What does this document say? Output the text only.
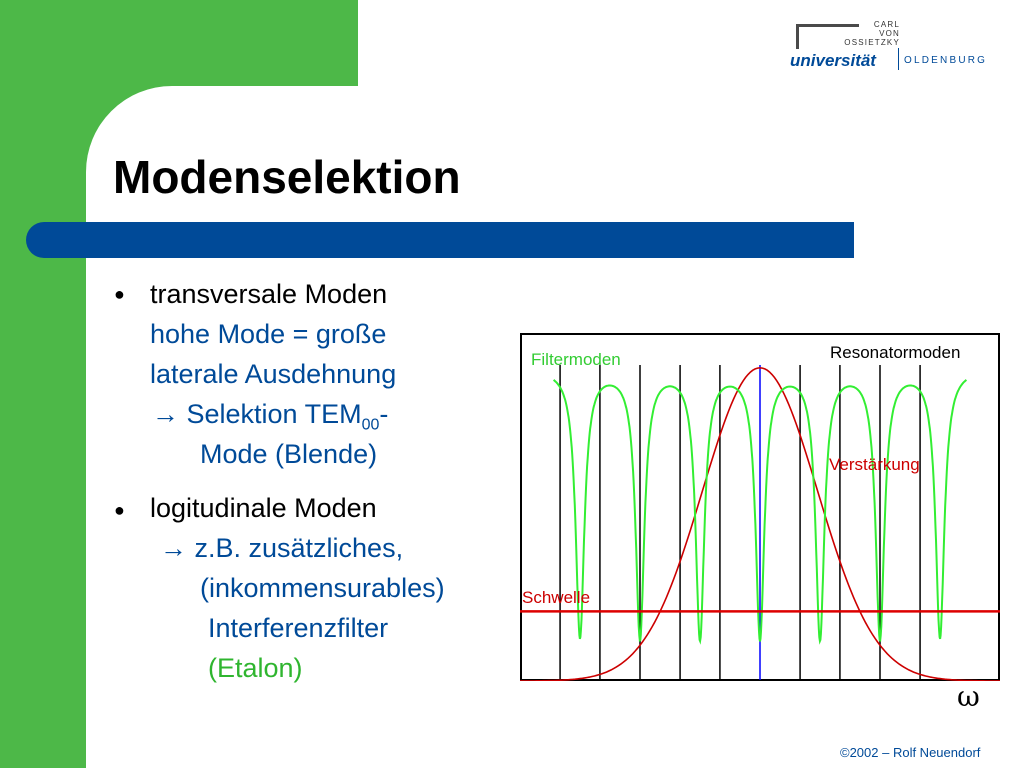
CARL
VON
OSSIETZKY
universität	OLDENBURG
Modenselektion
● transversale Moden
hohe Mode = große
laterale Ausdehnung
→ Selektion $TEM_{00}-$
Mode (Blende)
● logitudinale Moden
→ z.B. zusätzliches,
(inkommensurables)
Interferenzfilter
(Etalon)
Resonatormoden
Filtermoden
Verstärkung
Schwelle
ω
©2002 – Rolf Neuendorf
